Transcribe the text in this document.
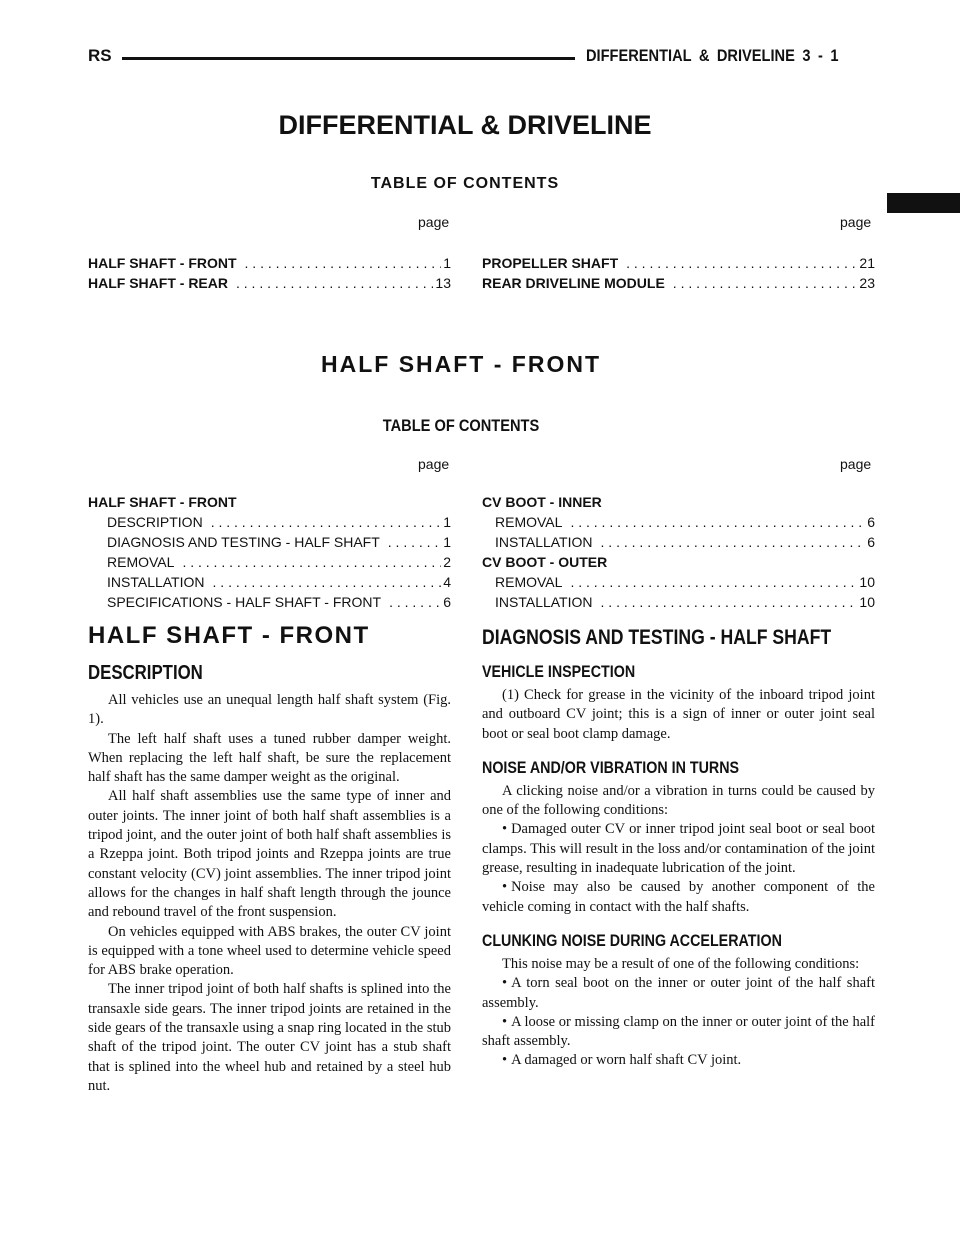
RS	DIFFERENTIAL & DRIVELINE 3 - 1
DIFFERENTIAL & DRIVELINE
TABLE OF CONTENTS
page	page
HALF SHAFT - FRONT . . .	1
HALF SHAFT - REAR . . .	13
PROPELLER SHAFT . . .	21
REAR DRIVELINE MODULE . . .	23
HALF SHAFT - FRONT
TABLE OF CONTENTS
page	page
HALF SHAFT - FRONT
DESCRIPTION . . .	1
DIAGNOSIS AND TESTING - HALF SHAFT . . .	1
REMOVAL . . .	2
INSTALLATION . . .	4
SPECIFICATIONS - HALF SHAFT - FRONT . . .	6
CV BOOT - INNER
REMOVAL . . .	6
INSTALLATION . . .	6
CV BOOT - OUTER
REMOVAL . . .	10
INSTALLATION . . .	10
HALF SHAFT - FRONT
DESCRIPTION

All vehicles use an unequal length half shaft system (Fig. 1).

The left half shaft uses a tuned rubber damper weight. When replacing the left half shaft, be sure the replacement half shaft has the same damper weight as the original.

All half shaft assemblies use the same type of inner and outer joints. The inner joint of both half shaft assemblies is a tripod joint, and the outer joint of both half shaft assemblies is a Rzeppa joint. Both tripod joints and Rzeppa joints are true constant velocity (CV) joint assemblies. The inner tripod joint allows for the changes in half shaft length through the jounce and rebound travel of the front suspension.

On vehicles equipped with ABS brakes, the outer CV joint is equipped with a tone wheel used to determine vehicle speed for ABS brake operation.

The inner tripod joint of both half shafts is splined into the transaxle side gears. The inner tripod joints are retained in the side gears of the transaxle using a snap ring located in the stub shaft of the tripod joint. The outer CV joint has a stub shaft that is splined into the wheel hub and retained by a steel hub nut.

DIAGNOSIS AND TESTING - HALF SHAFT
VEHICLE INSPECTION

(1) Check for grease in the vicinity of the inboard tripod joint and outboard CV joint; this is a sign of inner or outer joint seal boot or seal boot clamp damage.

NOISE AND/OR VIBRATION IN TURNS

A clicking noise and/or a vibration in turns could be caused by one of the following conditions:

• Damaged outer CV or inner tripod joint seal boot or seal boot clamps. This will result in the loss and/or contamination of the joint grease, resulting in inadequate lubrication of the joint.

• Noise may also be caused by another component of the vehicle coming in contact with the half shafts.

CLUNKING NOISE DURING ACCELERATION

This noise may be a result of one of the following conditions:

• A torn seal boot on the inner or outer joint of the half shaft assembly.

• A loose or missing clamp on the inner or outer joint of the half shaft assembly.

• A damaged or worn half shaft CV joint.
